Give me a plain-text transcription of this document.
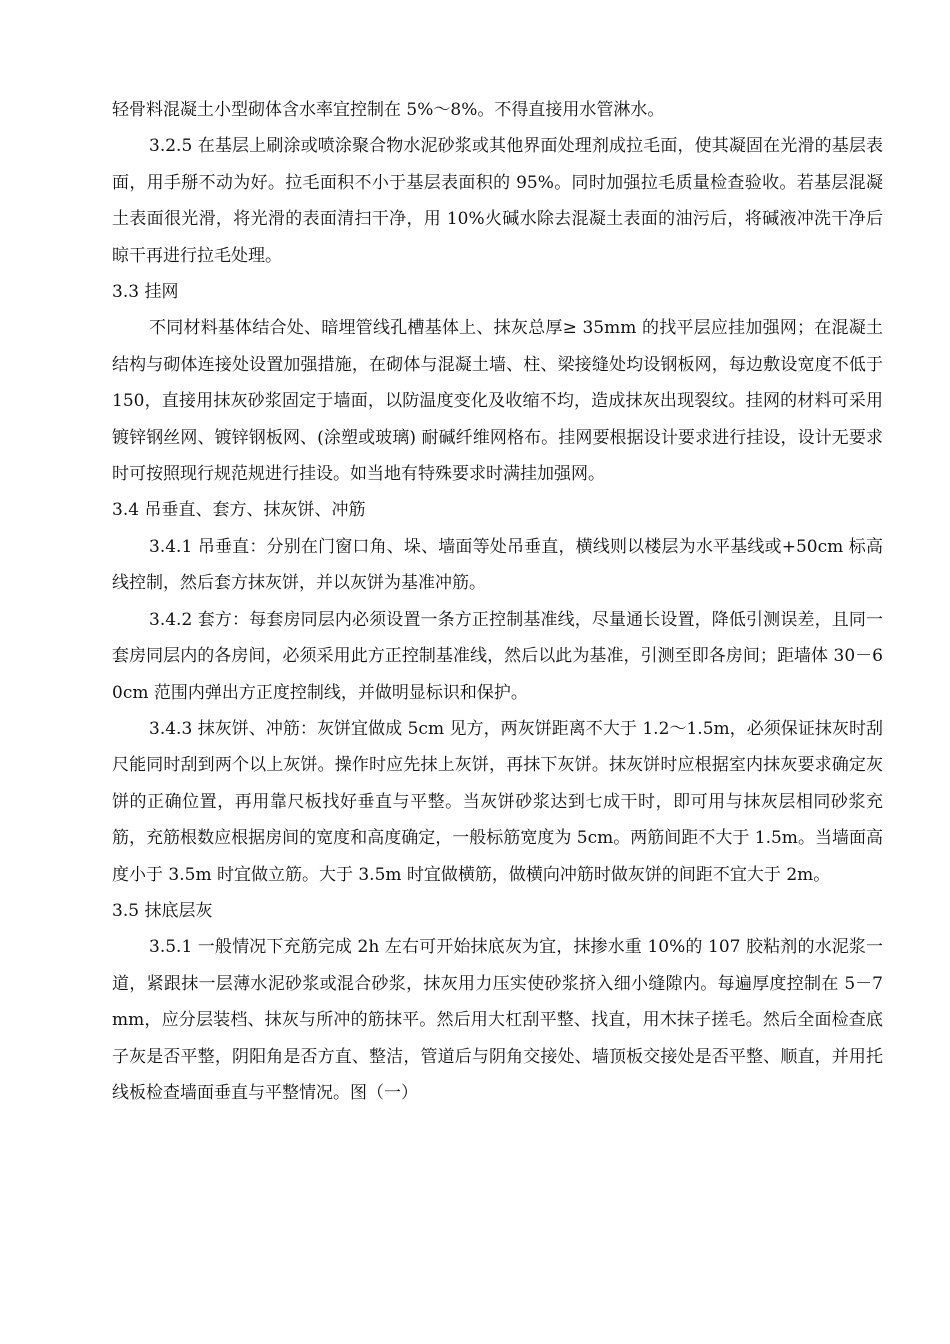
轻骨料混凝土小型砌体含水率宜控制在 5%～8%。不得直接用水管淋水。

3.2.5 在基层上刷涂或喷涂聚合物水泥砂浆或其他界面处理剂成拉毛面，使其凝固在光滑的基层表面，用手掰不动为好。拉毛面积不小于基层表面积的 95%。同时加强拉毛质量检查验收。若基层混凝土表面很光滑，将光滑的表面清扫干净，用 10%火碱水除去混凝土表面的油污后，将碱液冲洗干净后晾干再进行拉毛处理。

3.3 挂网

不同材料基体结合处、暗埋管线孔槽基体上、抹灰总厚≥ 35mm 的找平层应挂加强网；在混凝土结构与砌体连接处设置加强措施，在砌体与混凝土墙、柱、梁接缝处均设钢板网，每边敷设宽度不低于 150，直接用抹灰砂浆固定于墙面，以防温度变化及收缩不均，造成抹灰出现裂纹。挂网的材料可采用镀锌钢丝网、镀锌钢板网、(涂塑或玻璃) 耐碱纤维网格布。挂网要根据设计要求进行挂设，设计无要求时可按照现行规范规进行挂设。如当地有特殊要求时满挂加强网。

3.4 吊垂直、套方、抹灰饼、冲筋

3.4.1 吊垂直：分别在门窗口角、垛、墙面等处吊垂直，横线则以楼层为水平基线或+50cm 标高线控制，然后套方抹灰饼，并以灰饼为基准冲筋。

3.4.2 套方：每套房同层内必须设置一条方正控制基准线，尽量通长设置，降低引测误差，且同一套房同层内的各房间，必须采用此方正控制基准线，然后以此为基准，引测至即各房间；距墙体 30－60cm 范围内弹出方正度控制线，并做明显标识和保护。

3.4.3 抹灰饼、冲筋：灰饼宜做成 5cm 见方，两灰饼距离不大于 1.2～1.5m，必须保证抹灰时刮尺能同时刮到两个以上灰饼。操作时应先抹上灰饼，再抹下灰饼。抹灰饼时应根据室内抹灰要求确定灰饼的正确位置，再用靠尺板找好垂直与平整。当灰饼砂浆达到七成干时，即可用与抹灰层相同砂浆充筋，充筋根数应根据房间的宽度和高度确定，一般标筋宽度为 5cm。两筋间距不大于 1.5m。当墙面高度小于 3.5m 时宜做立筋。大于 3.5m 时宜做横筋，做横向冲筋时做灰饼的间距不宜大于 2m。

3.5 抹底层灰

3.5.1 一般情况下充筋完成 2h 左右可开始抹底灰为宜，抹掺水重 10%的 107 胶粘剂的水泥浆一道，紧跟抹一层薄水泥砂浆或混合砂浆，抹灰用力压实使砂浆挤入细小缝隙内。每遍厚度控制在 5－7mm，应分层装档、抹灰与所冲的筋抹平。然后用大杠刮平整、找直，用木抹子搓毛。然后全面检查底子灰是否平整，阴阳角是否方直、整洁，管道后与阴角交接处、墙顶板交接处是否平整、顺直，并用托线板检查墙面垂直与平整情况。图（一）
